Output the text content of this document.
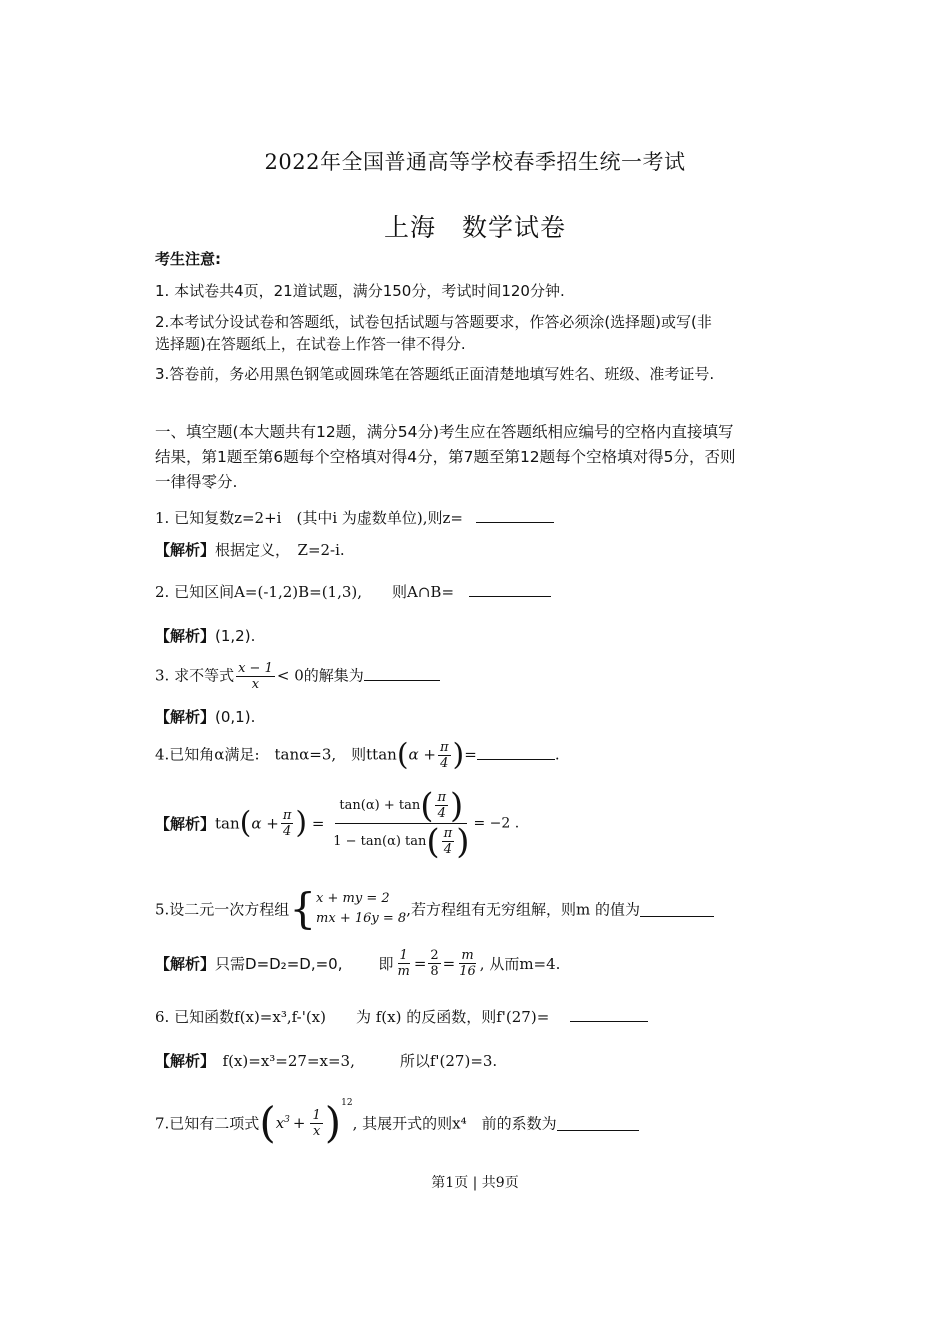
2022年全国普通高等学校春季招生统一考试
上海　数学试卷
考生注意:
1. 本试卷共4页，21道试题，满分150分，考试时间120分钟.
2.本考试分设试卷和答题纸，试卷包括试题与答题要求，作答必须涂(选择题)或写(非
选择题)在答题纸上，在试卷上作答一律不得分.
3.答卷前，务必用黑色钢笔或圆珠笔在答题纸正面清楚地填写姓名、班级、准考证号.
一、填空题(本大题共有12题，满分54分)考生应在答题纸相应编号的空格内直接填写
结果，第1题至第6题每个空格填对得4分，第7题至第12题每个空格填对得5分，否则
一律得零分.
1. 已知复数z=2+i　(其中i 为虚数单位),则z=
【解析】根据定义，　Z=2-i.
2. 已知区间A=(-1,2)B=(1,3),　　则A∩B=
【解析】(1,2).
3. 求不等式 $\frac{x - 1}{x} < 0$的解集为
【解析】(0,1).
4.已知角α满足:　tanα=3,　则$ttan(\alpha + \frac{\pi}{4}$ )=	.
【解析】$\tan(\alpha + \frac{\pi}{4}$ ) = $\frac{\tan(\alpha) + \tan ( \frac{\pi}{4} )}{1 - \tan(\alpha) \tan ( \frac{\pi}{4} )} = -2$ .
5.设二元一次方程组{ x + my = 2
mx + 16y = 8 ,若方程组有无穷组解，则m 的值为
【解析】只需D=D₂=D,=0, 即 $\frac{1}{m} = \frac{2}{8} = \frac{m}{16}$ , 从而m=4.
6. 已知函数f(x)=x³,f-'(x)　　为 f(x) 的反函数，则f'(27)=
【解析】　 f(x)=x³=27=x=3,　　　所以f'(27)=3.
7.已知有二项式$(x^3 + \frac{1}{x} )^{12}$, 其展开式的则x⁴　前的系数为
第1页 | 共9页
